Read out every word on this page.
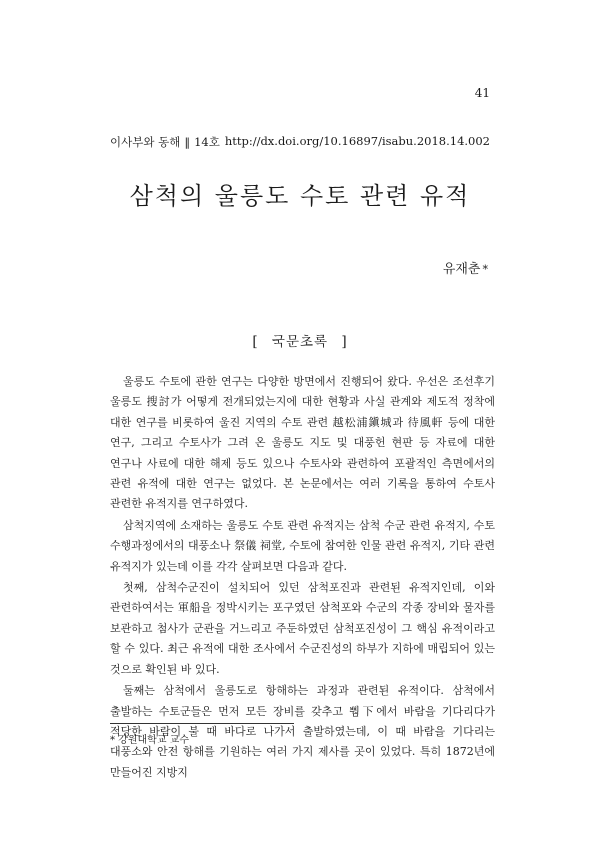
41
이사부와 동해 ‖ 14호 http://dx.doi.org/10.16897/isabu.2018.14.002
삼척의 울릉도 수토 관련 유적
유재춘 *
[ 국문초록 ]

울릉도 수토에 관한 연구는 다양한 방면에서 진행되어 왔다. 우선은 조선후기 울릉도 搜討가 어떻게 전개되었는지에 대한 현황과 사실 관계와 제도적 정착에 대한 연구를 비롯하여 울진 지역의 수토 관련 越松浦鎭城과 待風軒 등에 대한 연구, 그리고 수토사가 그려 온 울릉도 지도 및 대풍헌 현판 등 자료에 대한 연구나 사료에 대한 해제 등도 있으나 수토사와 관련하여 포괄적인 측면에서의 관련 유적에 대한 연구는 없었다. 본 논문에서는 여러 기록을 통하여 수토사 관련한 유적지를 연구하였다.

삼척지역에 소재하는 울릉도 수토 관련 유적지는 삼척 수군 관련 유적지, 수토 수행과정에서의 대풍소나 祭儀 祠堂, 수토에 참여한 인물 관련 유적지, 기타 관련 유적지가 있는데 이를 각각 살펴보면 다음과 같다.

첫째, 삼척수군진이 설치되어 있던 삼척포진과 관련된 유적지인데, 이와 관련하여서는 軍船을 정박시키는 포구였던 삼척포와 수군의 각종 장비와 물자를 보관하고 첨사가 군관을 거느리고 주둔하였던 삼척포진성이 그 핵심 유적이라고 할 수 있다. 최근 유적에 대한 조사에서 수군진성의 하부가 지하에 매립되어 있는 것으로 확인된 바 있다.

둘째는 삼척에서 울릉도로 항해하는 과정과 관련된 유적이다. 삼척에서 출발하는 수토군들은 먼저 모든 장비를 갖추고 뿸下에서 바람을 기다리다가 적당한 바람이 불 때 바다로 나가서 출발하였는데, 이 때 바람을 기다리는 대풍소와 안전 항해를 기원하는 여러 가지 제사를 곳이 있었다. 특히 1872년에 만들어진 지방지

* 강원대학교 교수
